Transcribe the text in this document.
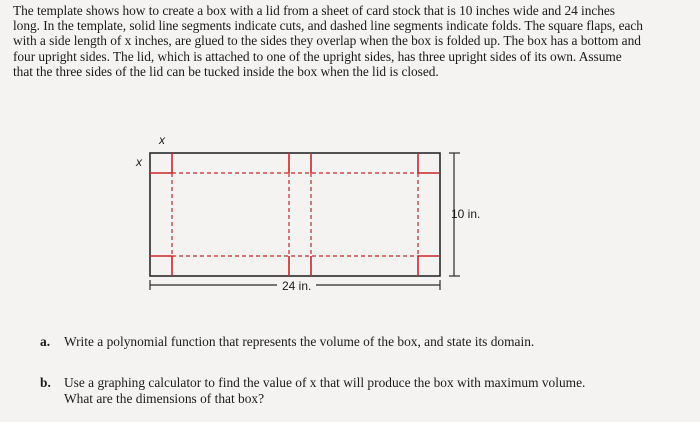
The template shows how to create a box with a lid from a sheet of card stock that is 10 inches wide and 24 inches
long. In the template, solid line segments indicate cuts, and dashed line segments indicate folds. The square flaps, each
with a side length of x inches, are glued to the sides they overlap when the box is folded up. The box has a bottom and
four upright sides. The lid, which is attached to one of the upright sides, has three upright sides of its own. Assume
that the three sides of the lid can be tucked inside the box when the lid is closed.
x
x
10 in.
24 in.
a. Write a polynomial function that represents the volume of the box, and state its domain.
b. Use a graphing calculator to find the value of x that will produce the box with maximum volume.
What are the dimensions of that box?
